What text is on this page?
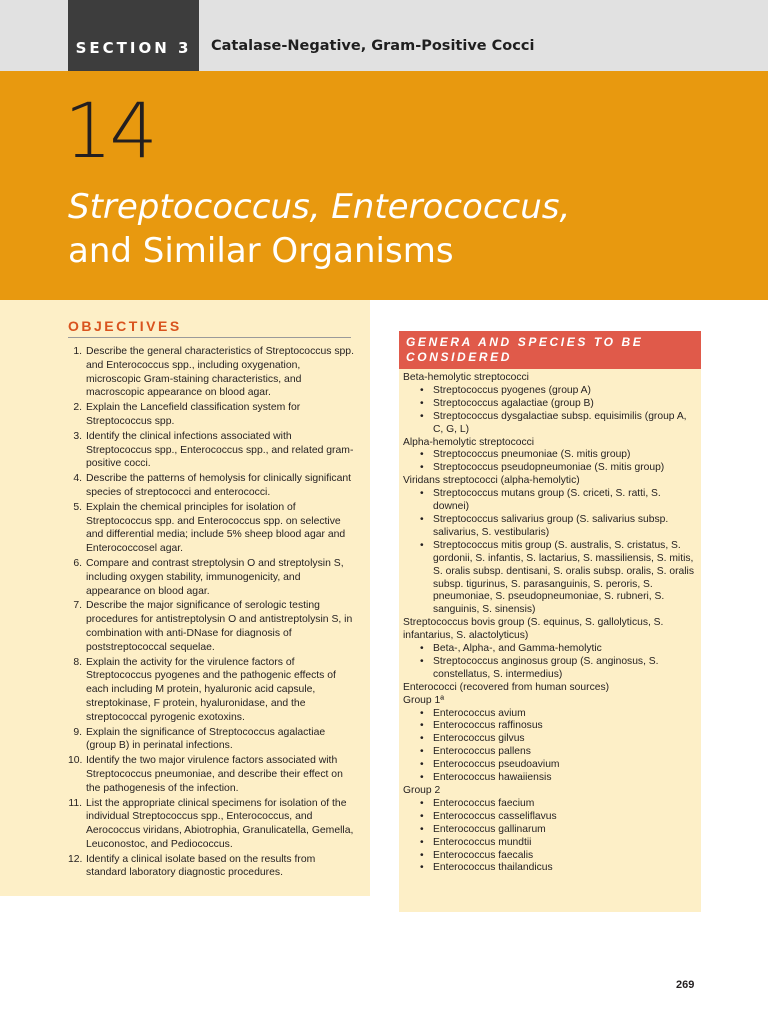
SECTION 3	Catalase-Negative, Gram-Positive Cocci
14
Streptococcus, Enterococcus,
and Similar Organisms
OBJECTIVES
1. Describe the general characteristics of Streptococcus spp. and Enterococcus spp., including oxygenation, microscopic Gram-staining characteristics, and macroscopic appearance on blood agar.
2. Explain the Lancefield classification system for Streptococcus spp.
3. Identify the clinical infections associated with Streptococcus spp., Enterococcus spp., and related gram-positive cocci.
4. Describe the patterns of hemolysis for clinically significant species of streptococci and enterococci.
5. Explain the chemical principles for isolation of Streptococcus spp. and Enterococcus spp. on selective and differential media; include 5% sheep blood agar and Enterococcosel agar.
6. Compare and contrast streptolysin O and streptolysin S, including oxygen stability, immunogenicity, and appearance on blood agar.
7. Describe the major significance of serologic testing procedures for antistreptolysin O and antistreptolysin S, in combination with anti-DNase for diagnosis of poststreptococcal sequelae.
8. Explain the activity for the virulence factors of Streptococcus pyogenes and the pathogenic effects of each including M protein, hyaluronic acid capsule, streptokinase, F protein, hyaluronidase, and the streptococcal pyrogenic exotoxins.
9. Explain the significance of Streptococcus agalactiae (group B) in perinatal infections.
10. Identify the two major virulence factors associated with Streptococcus pneumoniae, and describe their effect on the pathogenesis of the infection.
11. List the appropriate clinical specimens for isolation of the individual Streptococcus spp., Enterococcus, and Aerococcus viridans, Abiotrophia, Granulicatella, Gemella, Leuconostoc, and Pediococcus.
12. Identify a clinical isolate based on the results from standard laboratory diagnostic procedures.
GENERA AND SPECIES TO BE CONSIDERED
Beta-hemolytic streptococci
• Streptococcus pyogenes (group A)
• Streptococcus agalactiae (group B)
• Streptococcus dysgalactiae subsp. equisimilis (group A, C, G, L)
Alpha-hemolytic streptococci
• Streptococcus pneumoniae (S. mitis group)
• Streptococcus pseudopneumoniae (S. mitis group)
Viridans streptococci (alpha-hemolytic)
• Streptococcus mutans group (S. criceti, S. ratti, S. downei)
• Streptococcus salivarius group (S. salivarius subsp. salivarius, S. vestibularis)
• Streptococcus mitis group (S. australis, S. cristatus, S. gordonii, S. infantis, S. lactarius, S. massiliensis, S. mitis, S. oralis subsp. dentisani, S. oralis subsp. oralis, S. oralis subsp. tigurinus, S. parasanguinis, S. peroris, S. pneumoniae, S. pseudopneumoniae, S. rubneri, S. sanguinis, S. sinensis)
Streptococcus bovis group (S. equinus, S. gallolyticus, S. infantarius, S. alactolyticus)
• Beta-, Alpha-, and Gamma-hemolytic
• Streptococcus anginosus group (S. anginosus, S. constellatus, S. intermedius)
Enterococci (recovered from human sources)
Group 1ª
• Enterococcus avium
• Enterococcus raffinosus
• Enterococcus gilvus
• Enterococcus pallens
• Enterococcus pseudoavium
• Enterococcus hawaiiensis
Group 2
• Enterococcus faecium
• Enterococcus casseliflavus
• Enterococcus gallinarum
• Enterococcus mundtii
• Enterococcus faecalis
• Enterococcus thailandicus
269
